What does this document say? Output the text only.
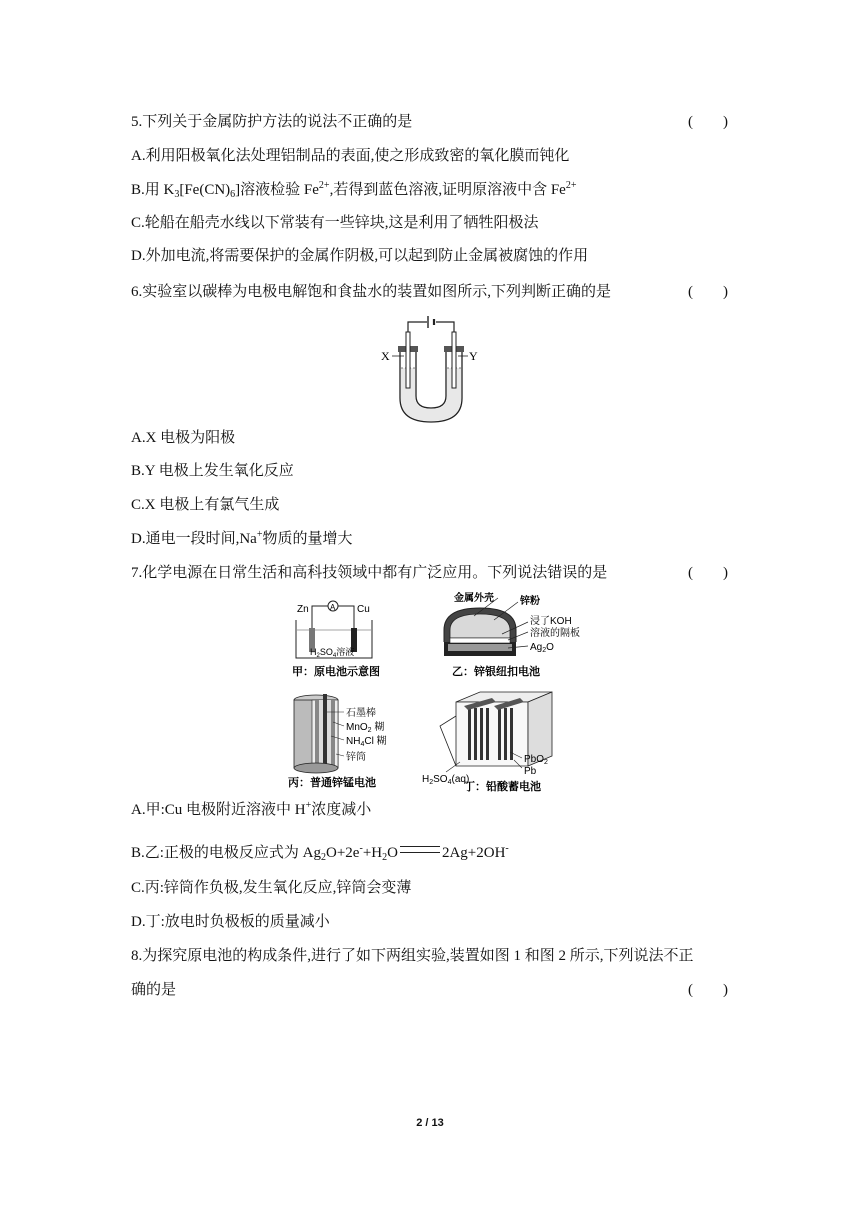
5.下列关于金属防护方法的说法不正确的是	(　　)
A.利用阳极氧化法处理铝制品的表面,使之形成致密的氧化膜而钝化
B.用 $K_3[Fe(CN)_6]$溶液检验 $Fe^{2+}$,若得到蓝色溶液,证明原溶液中含 $Fe^{2+}$
C.轮船在船壳水线以下常装有一些锌块,这是利用了牺牲阳极法
D.外加电流,将需要保护的金属作阴极,可以起到防止金属被腐蚀的作用
6.实验室以碳棒为电极电解饱和食盐水的装置如图所示,下列判断正确的是	(　　)
X	Y
A.X 电极为阳极
B.Y 电极上发生氧化反应
C.X 电极上有氯气生成
D.通电一段时间,Na+物质的量增大
7.化学电源在日常生活和高科技领域中都有广泛应用。下列说法错误的是	(　　)
A
Zn	Cu
$H_2SO_4$溶液
甲：原电池示意图
金属外壳	锌粉
浸了KOH
溶液的隔板
$Ag_2O$
乙：锌银纽扣电池
石墨棒
MnO$_2$ 糊
$NH_4Cl$ 糊
锌筒
丙：普通锌锰电池	$H_2SO_4(aq)$
PbO$_2$
Pb
丁：铅酸蓄电池
A.甲:Cu 电极附近溶液中 H+浓度减小
B.乙:正极的电极反应式为 $Ag_2O+2e^-+H_2O$	2Ag+2OH-
C.丙:锌筒作负极,发生氧化反应,锌筒会变薄
D.丁:放电时负极板的质量减小
8.为探究原电池的构成条件,进行了如下两组实验,装置如图 1 和图 2 所示,下列说法不正
确的是	(　　)
2 / 13
